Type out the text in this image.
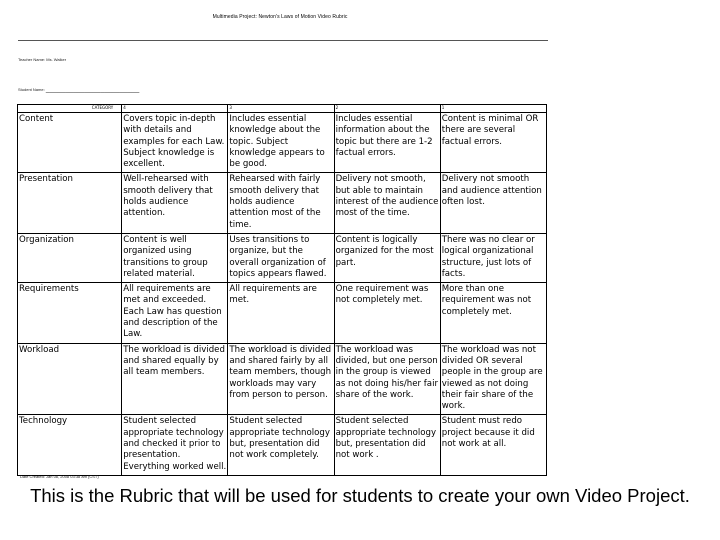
Multimedia Project: Newton's Laws of Motion Video Rubric
Teacher Name: Ms. Walker
Student Name: ________________________
CATEGORY	4	3	2	1
Content	Covers topic in-depth with details and examples for each Law. Subject knowledge is excellent.	Includes essential knowledge about the topic. Subject knowledge appears to be good.	Includes essential information about the topic but there are 1-2 factual errors.	Content is minimal OR there are several factual errors.
Presentation	Well-rehearsed with smooth delivery that holds audience attention.	Rehearsed with fairly smooth delivery that holds audience attention most of the time.	Delivery not smooth, but able to maintain interest of the audience most of the time.	Delivery not smooth and audience attention often lost.
Organization	Content is well organized using transitions to group related material.	Uses transitions to organize, but the overall organization of topics appears flawed.	Content is logically organized for the most part.	There was no clear or logical organizational structure, just lots of facts.
Requirements	All requirements are met and exceeded. Each Law has question and description of the Law.	All requirements are met.	One requirement was not completely met.	More than one requirement was not completely met.
Workload	The workload is divided and shared equally by all team members.	The workload is divided and shared fairly by all team members, though workloads may vary from person to person.	The workload was divided, but one person in the group is viewed as not doing his/her fair share of the work.	The workload was not divided OR several people in the group are viewed as not doing their fair share of the work.
Technology	Student selected appropriate technology and checked it prior to presentation. Everything worked well.	Student selected appropriate technology but, presentation did not work completely.	Student selected appropriate technology but, presentation did not work .	Student must redo project because it did not work at all.
Date Created: Jan 08, 2008 03:38 am (CST)
This is the Rubric that will be used for students to create your own Video Project.
